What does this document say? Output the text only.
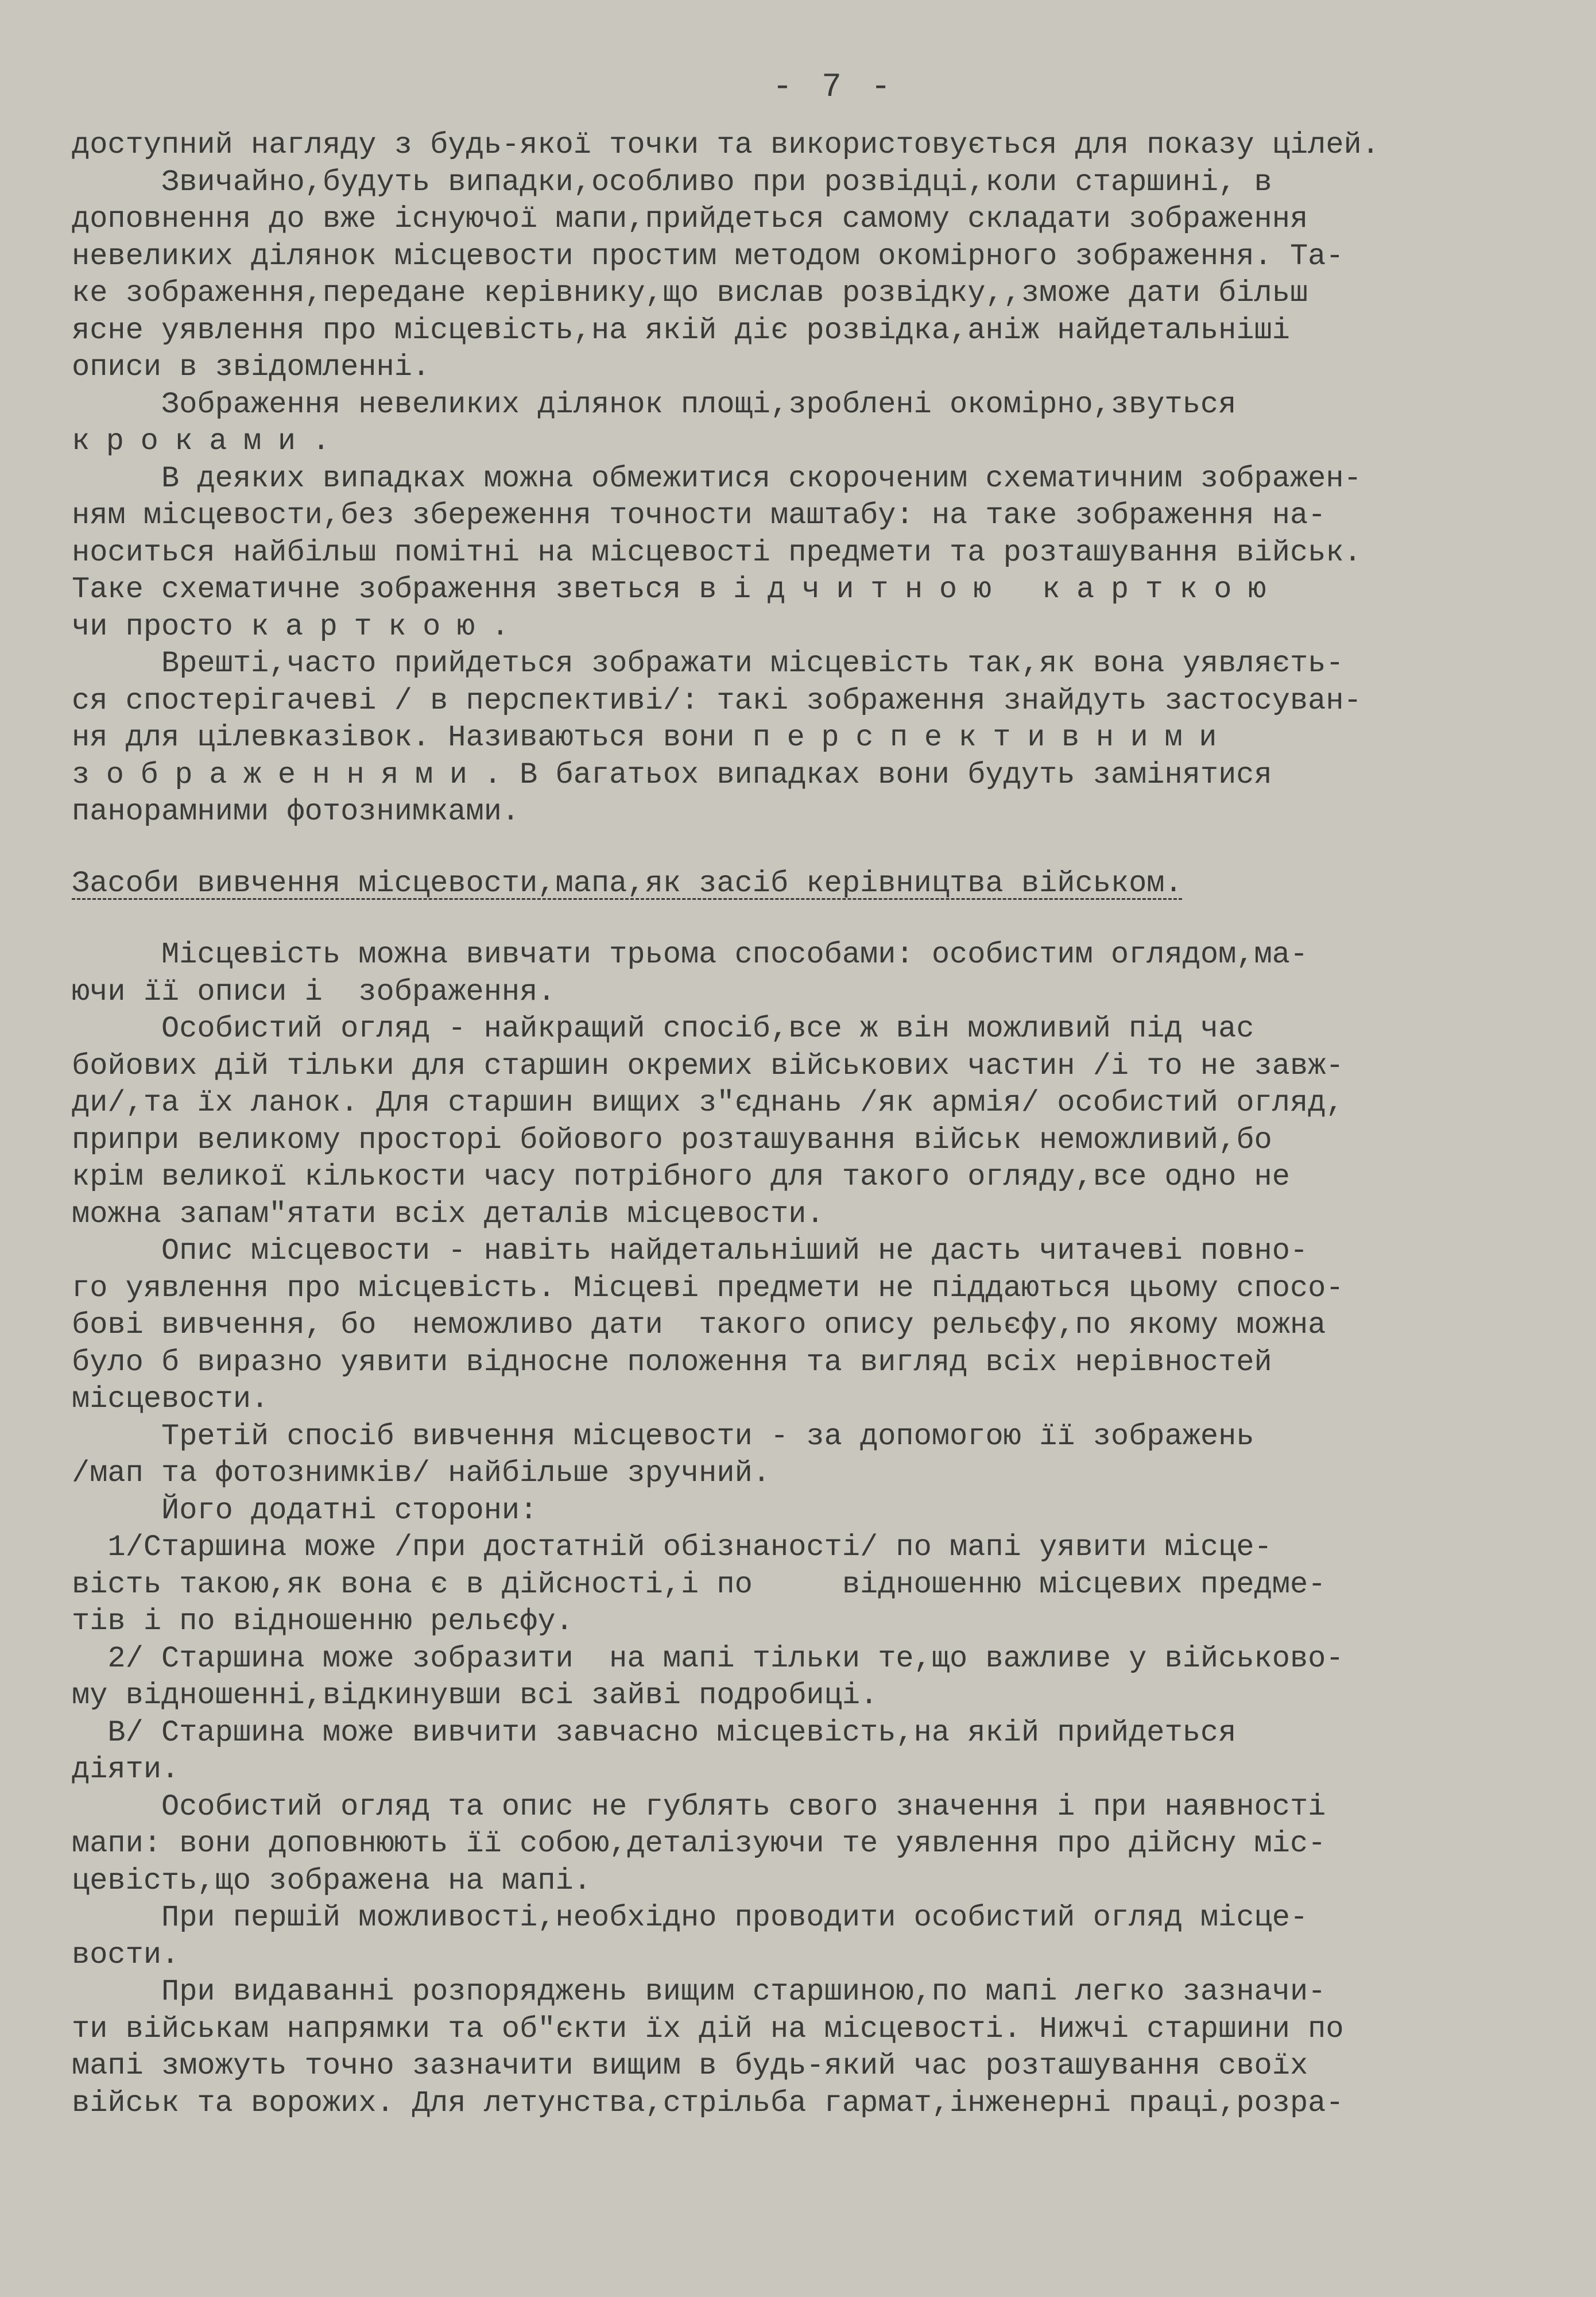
- 7 -
доступний нагляду з будь-якої точки та використовується для показу цілей.
Звичайно,будуть випадки,особливо при розвідці,коли старшині, в
доповнення до вже існуючої мапи,прийдеться самому складати зображення
невеликих ділянок місцевости простим методом окомірного зображення. Та-
ке зображення,передане керівнику,що вислав розвідку,,зможе дати більш
ясне уявлення про місцевість,на якій діє розвідка,аніж найдетальніші
описи в звідомленні.
Зображення невеликих ділянок площі,зроблені окомірно,звуться
кроками.
В деяких випадках можна обмежитися скороченим схематичним зображен-
ням місцевости,без збереження точности маштабу: на таке зображення на-
носиться найбільш помітні на місцевості предмети та розташування військ.
Таке схематичне зображення зветься відчитною карткою
чи просто карткою.
Врешті,часто прийдеться зображати місцевість так,як вона уявляєть-
ся спостерігачеві / в перспективі/: такі зображення знайдуть застосуван-
ня для цілевказівок. Називаються вони перспективними
зображеннями. В багатьох випадках вони будуть замінятися
панорамними фотознимками.
Засоби вивчення місцевости,мапа,як засіб керівництва військом.
Місцевість можна вивчати трьома способами: особистим оглядом,ма-
ючи її описи і  зображення.
Особистий огляд - найкращий спосіб,все ж він можливий під час
бойових дій тільки для старшин окремих військових частин /і то не завж-
ди/,та їх ланок. Для старшин вищих з"єднань /як армія/ особистий огляд,
припри великому просторі бойового розташування військ неможливий,бо
крім великої кількости часу потрібного для такого огляду,все одно не
можна запам"ятати всіх деталів місцевости.
Опис місцевости - навіть найдетальніший не дасть читачеві повно-
го уявлення про місцевість. Місцеві предмети не піддаються цьому спосо-
бові вивчення, бо  неможливо дати  такого опису рельєфу,по якому можна
було б виразно уявити відносне положення та вигляд всіх нерівностей
місцевости.
Третій спосіб вивчення місцевости - за допомогою її зображень
/мап та фотознимків/ найбільше зручний.
Його додатні сторони:
1/Старшина може /при достатній обізнаності/ по мапі уявити місце-
вість такою,як вона є в дійсності,і по     відношенню місцевих предме-
тів і по відношенню рельєфу.
2/ Старшина може зобразити  на мапі тільки те,що важливе у військово-
му відношенні,відкинувши всі зайві подробиці.
В/ Старшина може вивчити завчасно місцевість,на якій прийдеться
діяти.
Особистий огляд та опис не гублять свого значення і при наявності
мапи: вони доповнюють її собою,деталізуючи те уявлення про дійсну міс-
цевість,що зображена на мапі.
При першій можливості,необхідно проводити особистий огляд місце-
вости.
При видаванні розпоряджень вищим старшиною,по мапі легко зазначи-
ти військам напрямки та об"єкти їх дій на місцевості. Нижчі старшини по
мапі зможуть точно зазначити вищим в будь-який час розташування своїх
військ та ворожих. Для летунства,стрільба гармат,інженерні праці,розра-
